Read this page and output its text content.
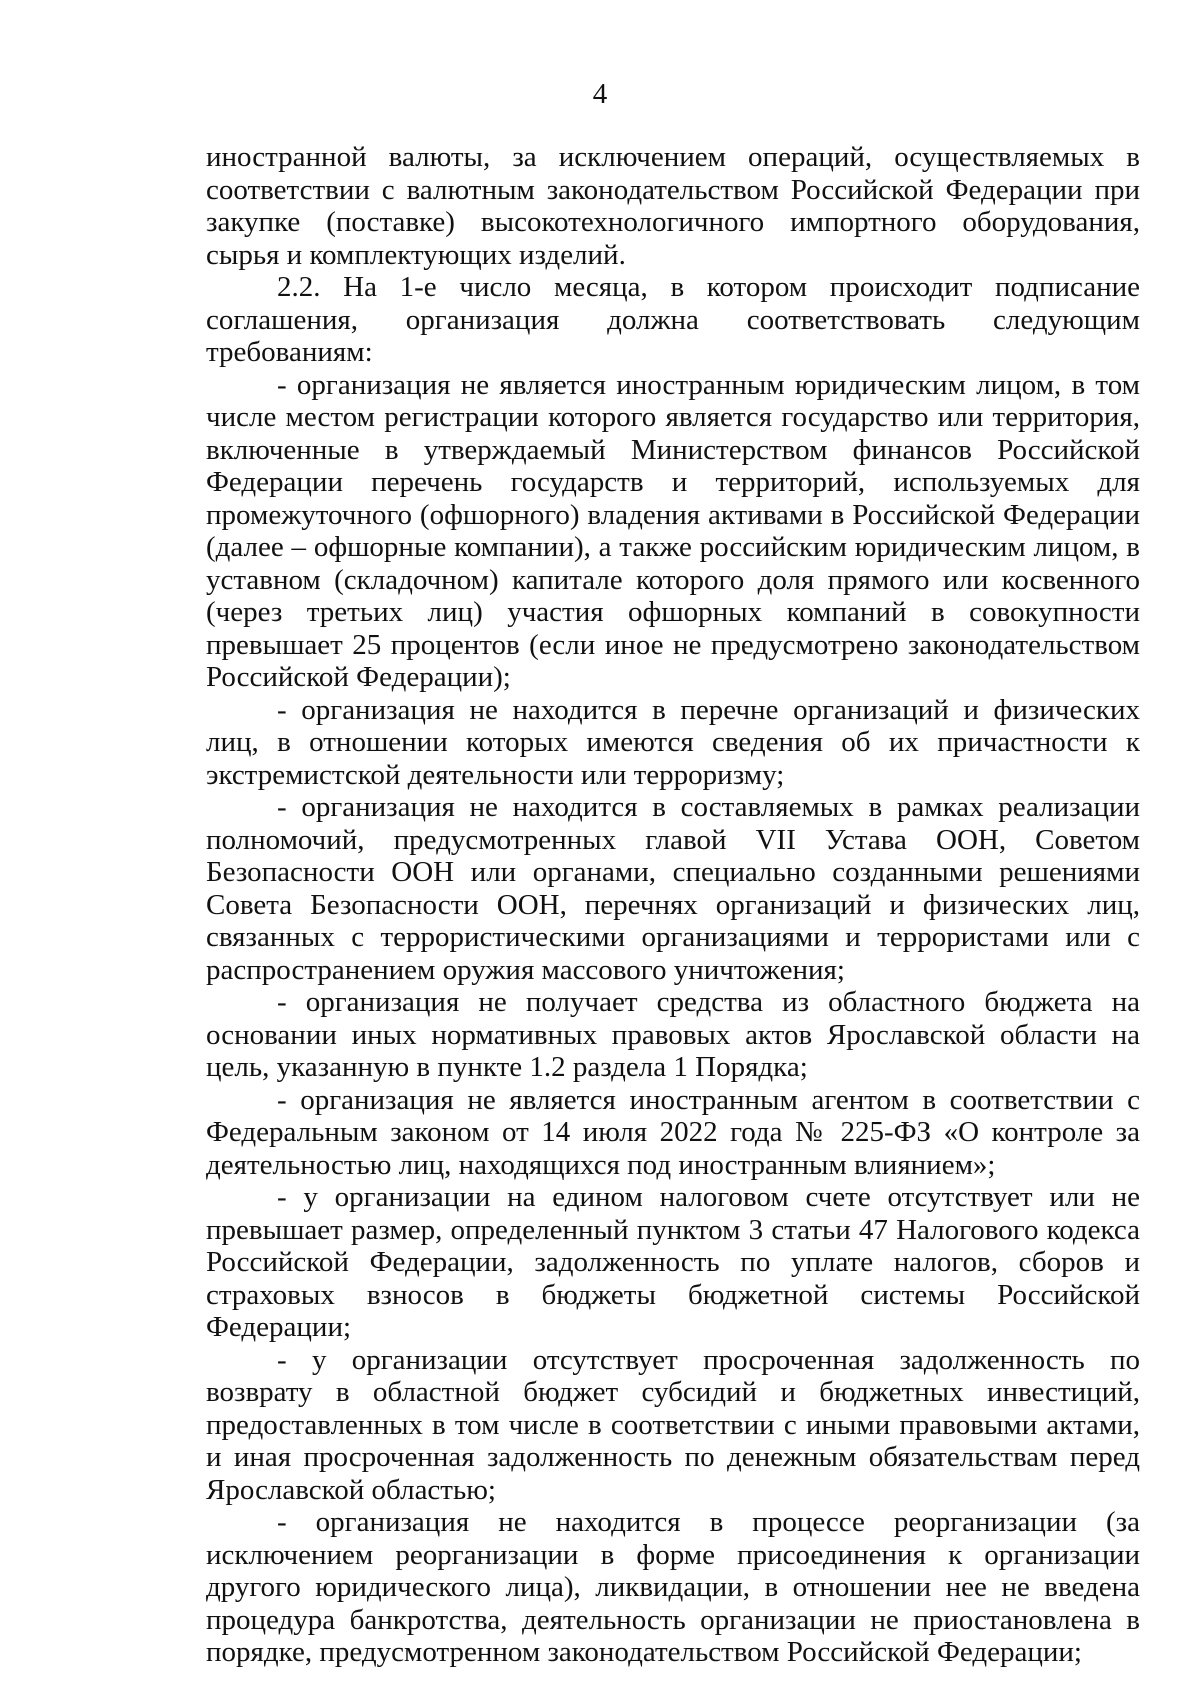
4

иностранной валюты, за исключением операций, осуществляемых в соответствии с валютным законодательством Российской Федерации при закупке (поставке) высокотехнологичного импортного оборудования, сырья и комплектующих изделий.

2.2. На 1-е число месяца, в котором происходит подписание соглашения, организация должна соответствовать следующим требованиям:

- организация не является иностранным юридическим лицом, в том числе местом регистрации которого является государство или территория, включенные в утверждаемый Министерством финансов Российской Федерации перечень государств и территорий, используемых для промежуточного (офшорного) владения активами в Российской Федерации (далее – офшорные компании), а также российским юридическим лицом, в уставном (складочном) капитале которого доля прямого или косвенного (через третьих лиц) участия офшорных компаний в совокупности превышает 25 процентов (если иное не предусмотрено законодательством Российской Федерации);

- организация не находится в перечне организаций и физических лиц, в отношении которых имеются сведения об их причастности к экстремистской деятельности или терроризму;

- организация не находится в составляемых в рамках реализации полномочий, предусмотренных главой VII Устава ООН, Советом Безопасности ООН или органами, специально созданными решениями Совета Безопасности ООН, перечнях организаций и физических лиц, связанных с террористическими организациями и террористами или с распространением оружия массового уничтожения;

- организация не получает средства из областного бюджета на основании иных нормативных правовых актов Ярославской области на цель, указанную в пункте 1.2 раздела 1 Порядка;

- организация не является иностранным агентом в соответствии с Федеральным законом от 14 июля 2022 года № 225-ФЗ «О контроле за деятельностью лиц, находящихся под иностранным влиянием»;

- у организации на едином налоговом счете отсутствует или не превышает размер, определенный пунктом 3 статьи 47 Налогового кодекса Российской Федерации, задолженность по уплате налогов, сборов и страховых взносов в бюджеты бюджетной системы Российской Федерации;

- у организации отсутствует просроченная задолженность по возврату в областной бюджет субсидий и бюджетных инвестиций, предоставленных в том числе в соответствии с иными правовыми актами, и иная просроченная задолженность по денежным обязательствам перед Ярославской областью;

- организация не находится в процессе реорганизации (за исключением реорганизации в форме присоединения к организации другого юридического лица), ликвидации, в отношении нее не введена процедура банкротства, деятельность организации не приостановлена в порядке, предусмотренном законодательством Российской Федерации;
